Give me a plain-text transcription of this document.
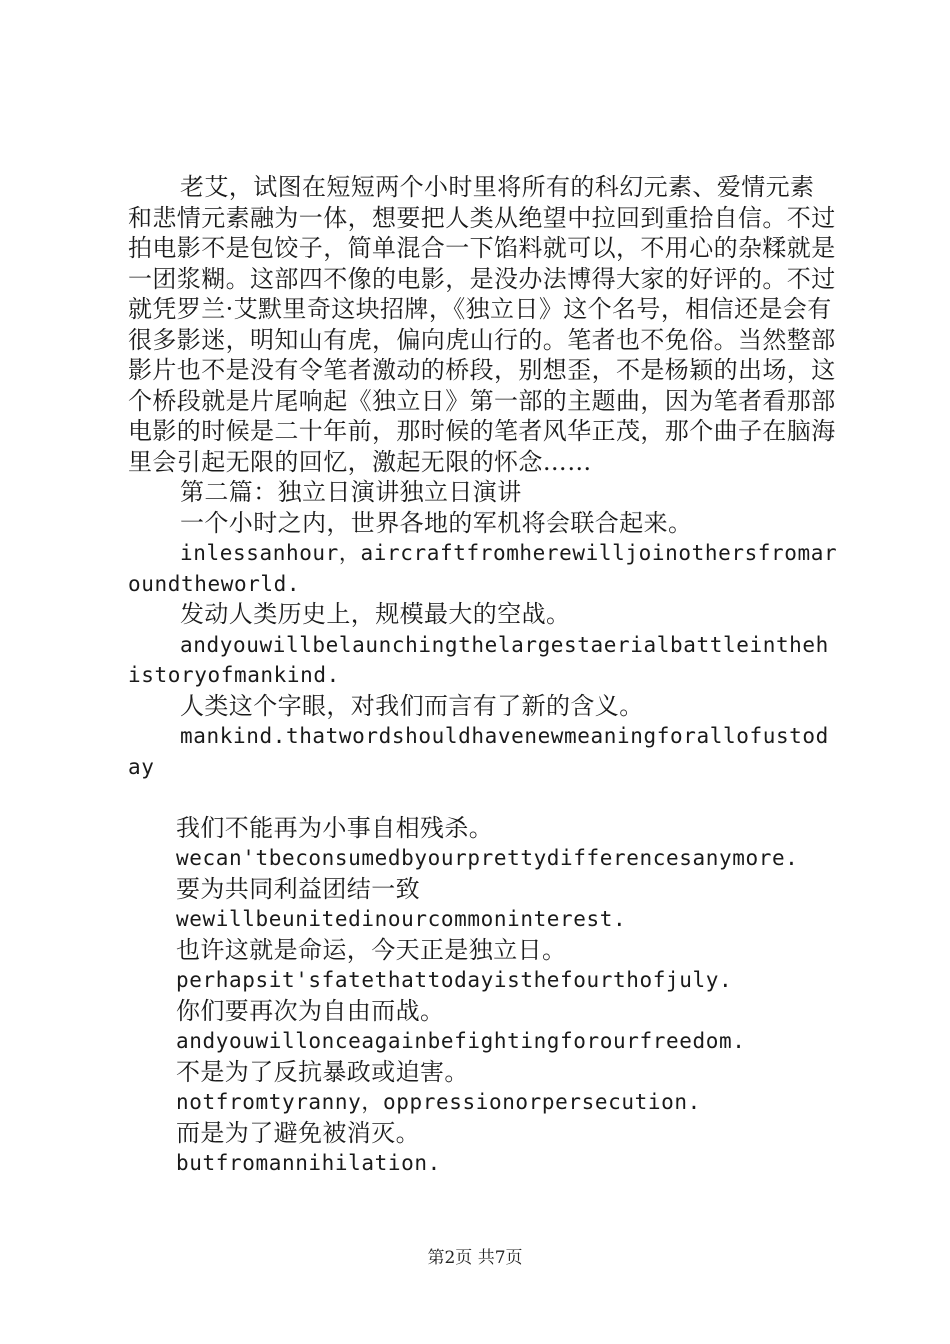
老艾，试图在短短两个小时里将所有的科幻元素、爱情元素和悲情元素融为一体，想要把人类从绝望中拉回到重拾自信。不过拍电影不是包饺子，简单混合一下馅料就可以，不用心的杂糅就是一团浆糊。这部四不像的电影，是没办法博得大家的好评的。不过就凭罗兰·艾默里奇这块招牌，《独立日》这个名号，相信还是会有很多影迷，明知山有虎，偏向虎山行的。笔者也不免俗。当然整部影片也不是没有令笔者激动的桥段，别想歪，不是杨颖的出场，这个桥段就是片尾响起《独立日》第一部的主题曲，因为笔者看那部电影的时候是二十年前，那时候的笔者风华正茂，那个曲子在脑海里会引起无限的回忆，激起无限的怀念……

第二篇：独立日演讲独立日演讲

一个小时之内，世界各地的军机将会联合起来。

inlessanhour，aircraftfromherewilljoinothersfromaroundtheworld.

发动人类历史上，规模最大的空战。

andyouwillbelaunchingthelargestaerialbattleinthehistoryofmankind.

人类这个字眼，对我们而言有了新的含义。

mankind.thatwordshouldhavenewmeaningforallofustoday

我们不能再为小事自相残杀。

wecan'tbeconsumedbyourprettydifferencesanymore.

要为共同利益团结一致

wewillbeunitedinourcommoninterest.

也许这就是命运，今天正是独立日。

perhapsit'sfatethattodayisthefourthofjuly.

你们要再次为自由而战。

andyouwillonceagainbefightingforourfreedom.

不是为了反抗暴政或迫害。

notfromtyranny，oppressionorpersecution.

而是为了避免被消灭。

butfromannihilation.

第2页 共7页
